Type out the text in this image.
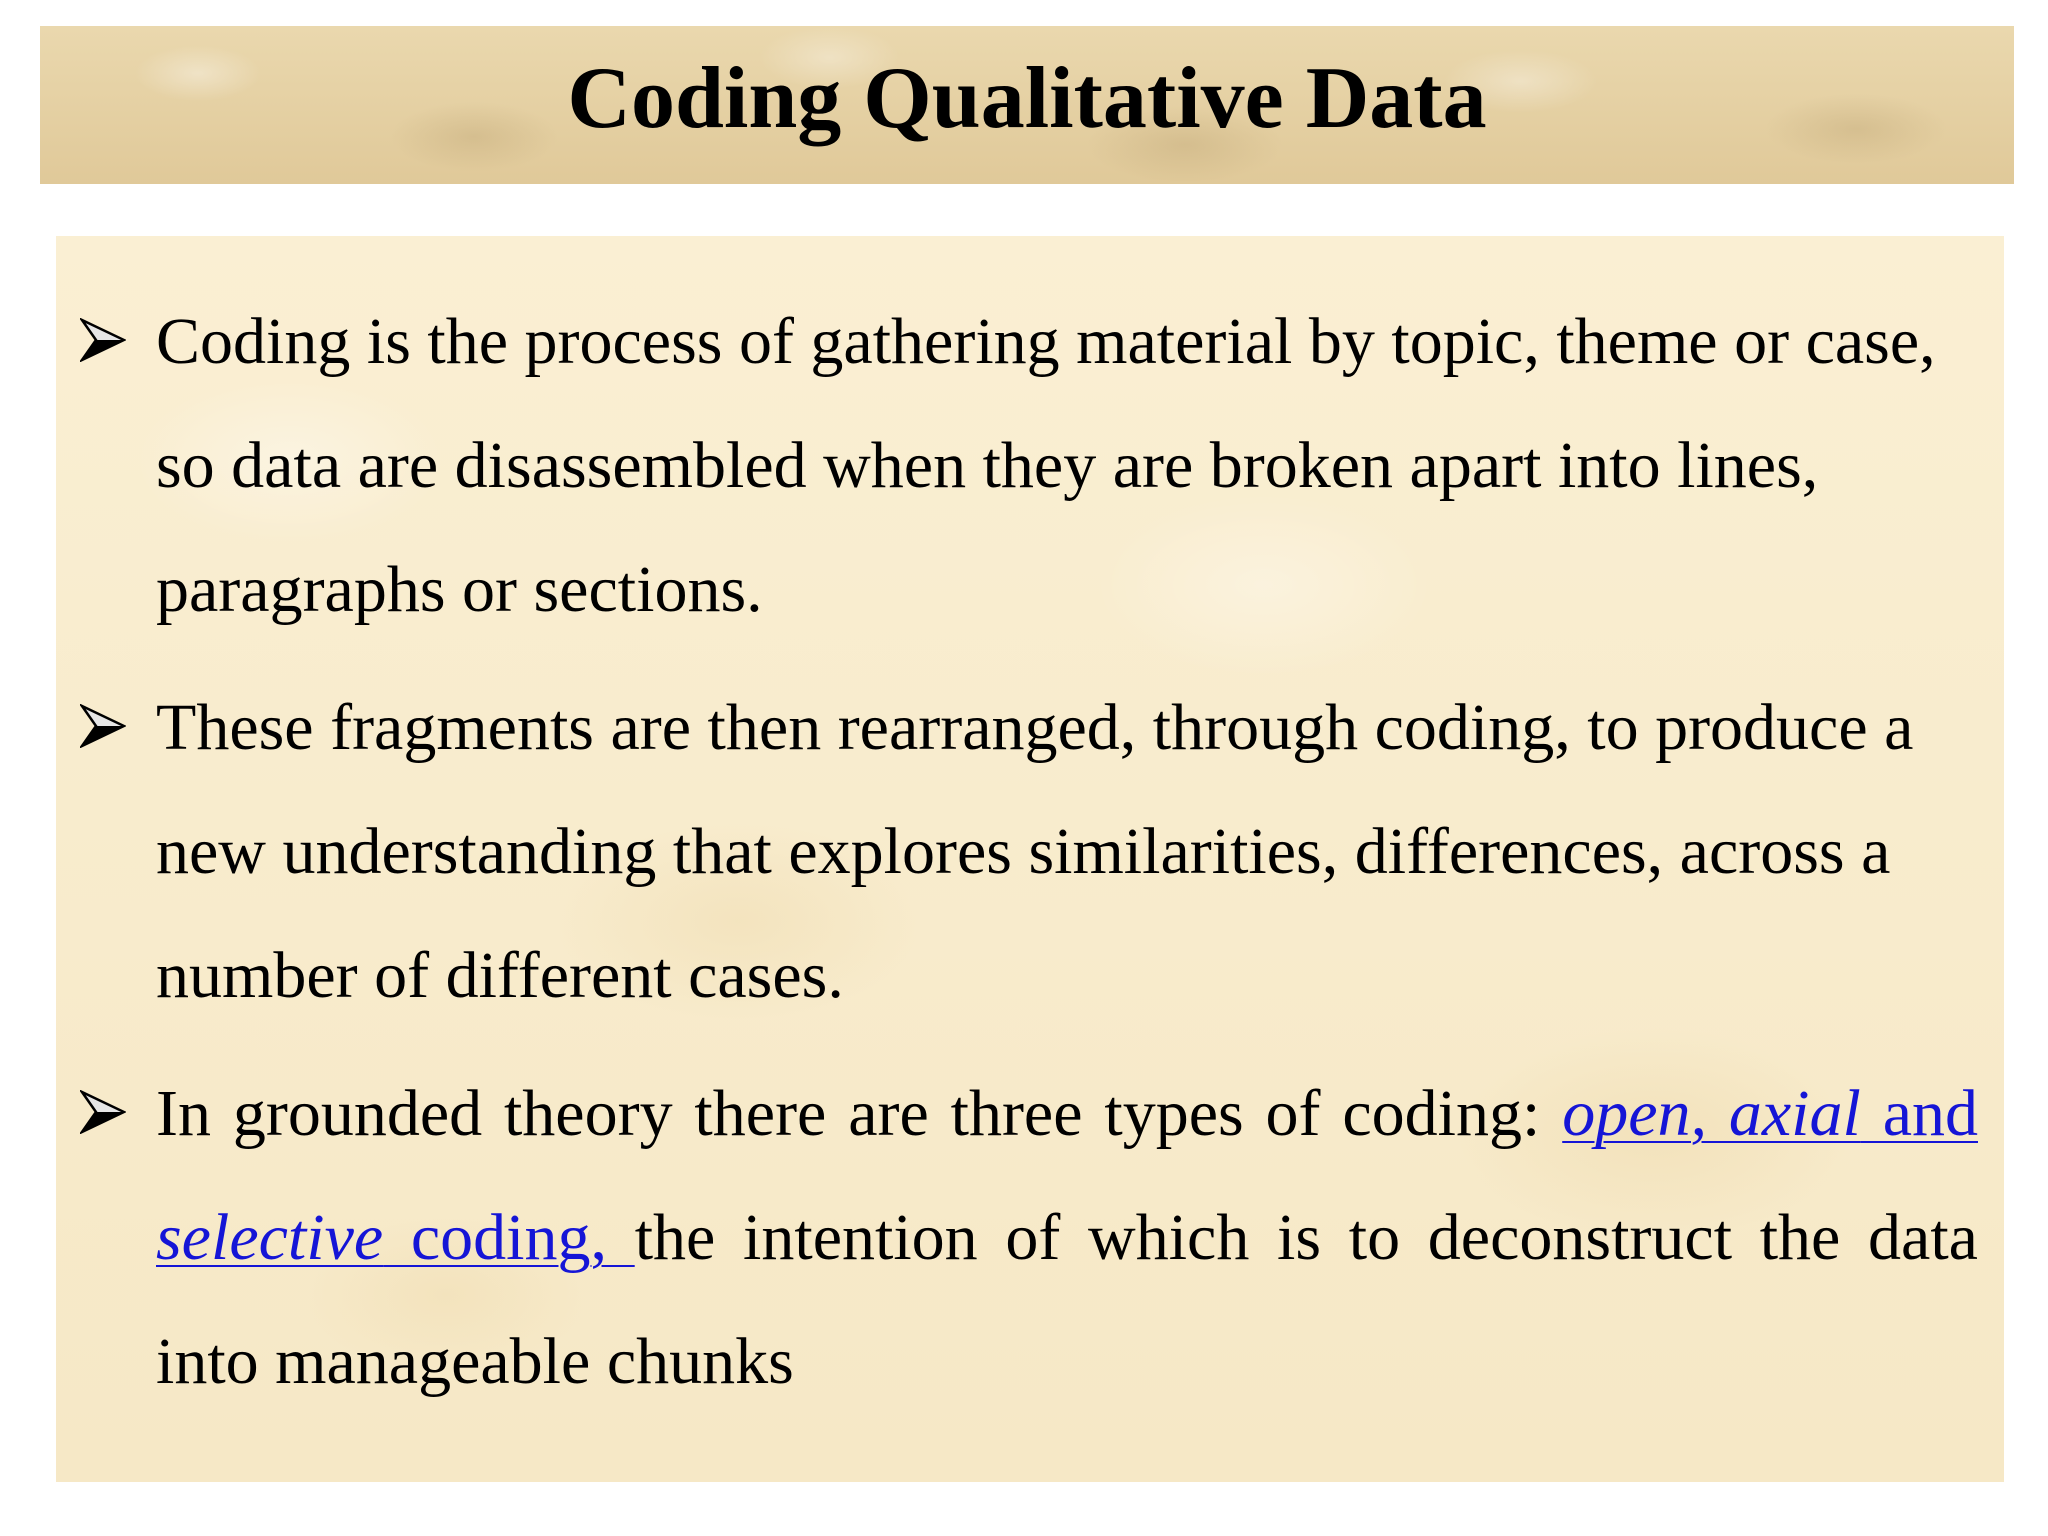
Coding Qualitative Data

Coding is the process of gathering material by topic, theme or case, so data are disassembled when they are broken apart into lines, paragraphs or sections.

These fragments are then rearranged, through coding, to produce a new understanding that explores similarities, differences, across a number of different cases.

In grounded theory there are three types of coding: open, axial and selective coding, the intention of which is to deconstruct the data into manageable chunks
